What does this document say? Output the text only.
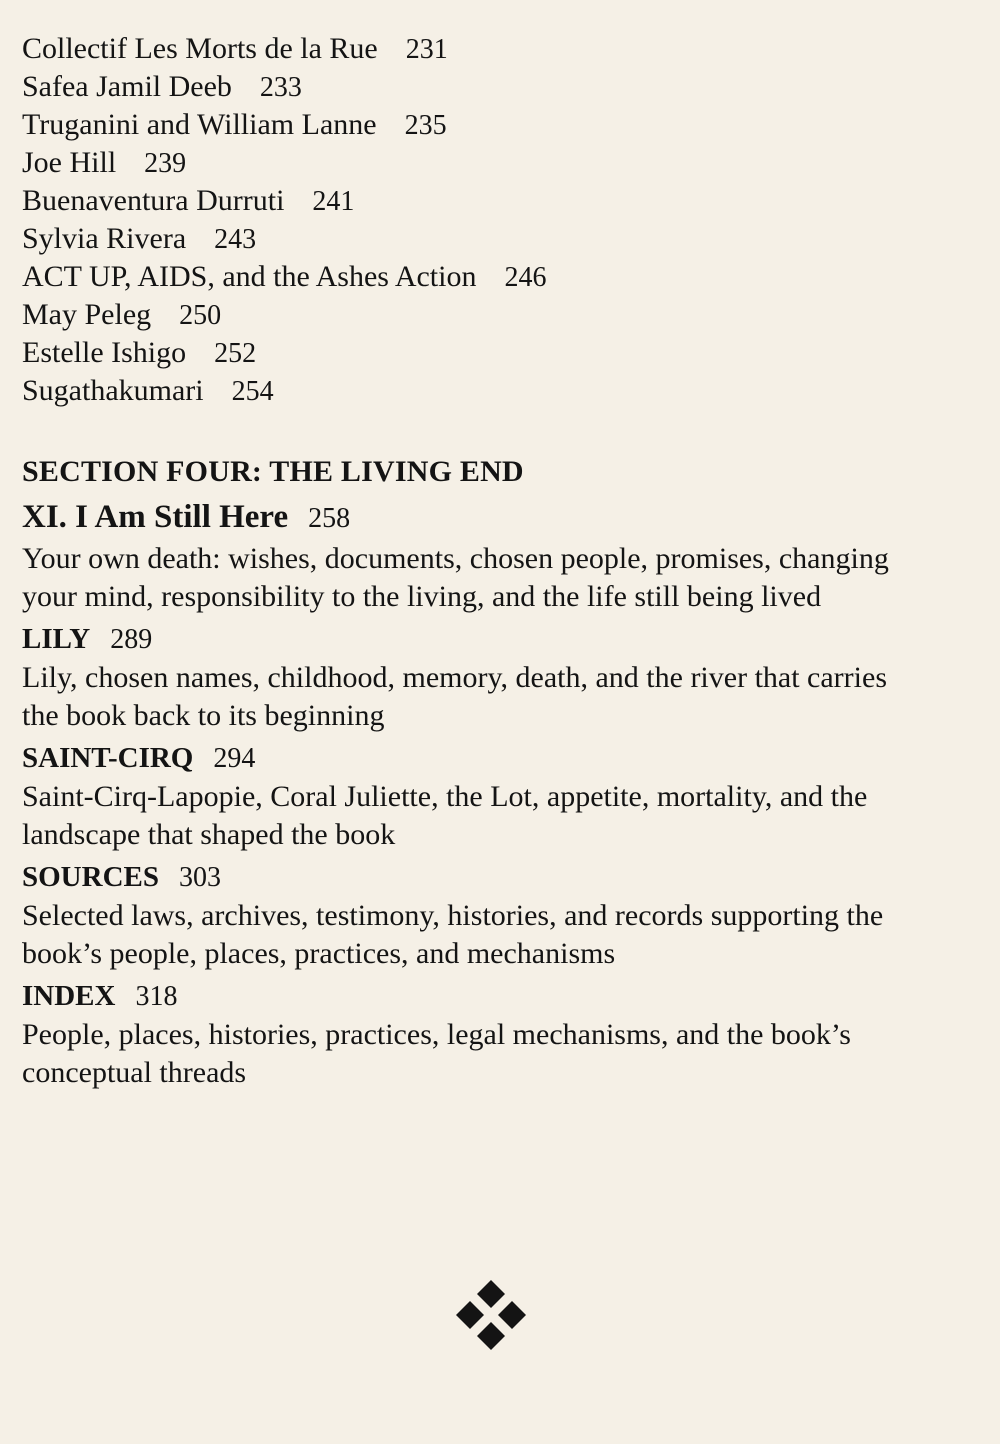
Collectif Les Morts de la Rue 231
Safea Jamil Deeb 233
Truganini and William Lanne 235
Joe Hill 239
Buenaventura Durruti 241
Sylvia Rivera 243
ACT UP, AIDS, and the Ashes Action 246
May Peleg 250
Estelle Ishigo 252
Sugathakumari 254
SECTION FOUR: THE LIVING END
XI. I Am Still Here 258
Your own death: wishes, documents, chosen people, promises, changing your mind, responsibility to the living, and the life still being lived
LILY 289
Lily, chosen names, childhood, memory, death, and the river that carries the book back to its beginning
SAINT-CIRQ 294
Saint-Cirq-Lapopie, Coral Juliette, the Lot, appetite, mortality, and the landscape that shaped the book
SOURCES 303
Selected laws, archives, testimony, histories, and records supporting the book’s people, places, practices, and mechanisms
INDEX 318
People, places, histories, practices, legal mechanisms, and the book’s conceptual threads
